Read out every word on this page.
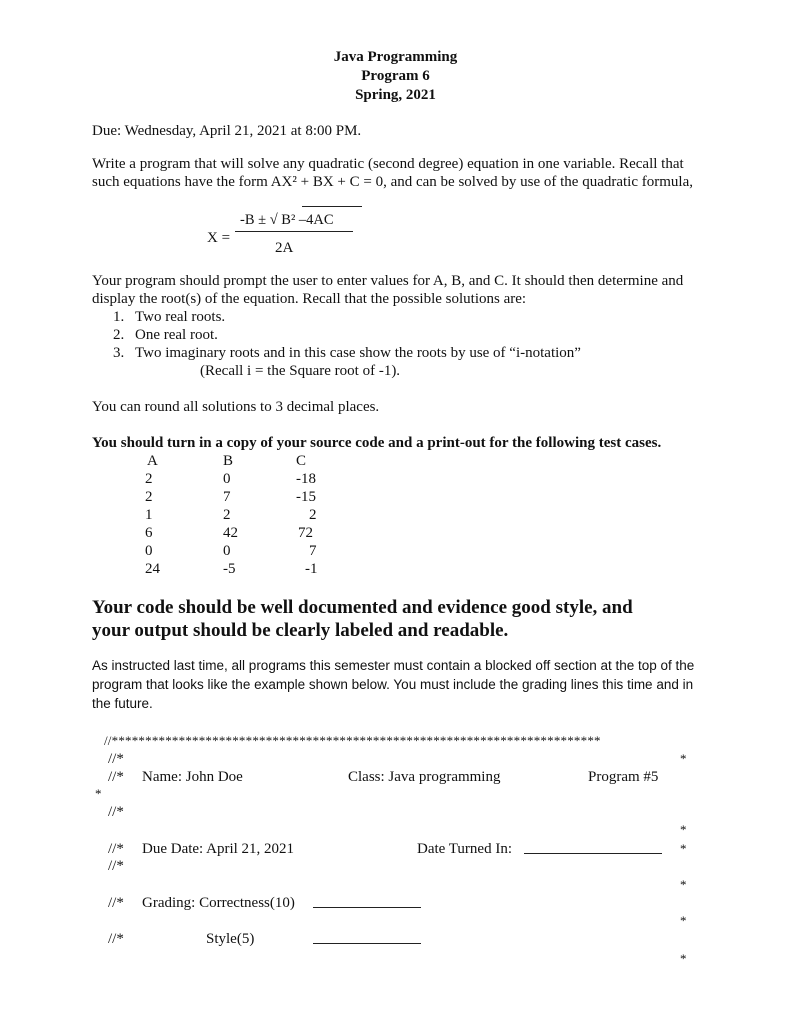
Java Programming
Program 6
Spring, 2021
Due: Wednesday, April 21, 2021 at 8:00 PM.

Write a program that will solve any quadratic (second degree) equation in one variable. Recall that such equations have the form AX² + BX + C = 0, and can be solved by use of the quadratic formula,

X =
-B ± √ B² –4AC
2A

Your program should prompt the user to enter values for A, B, and C. It should then determine and display the root(s) of the equation. Recall that the possible solutions are:

1. Two real roots.
2. One real root.
3. Two imaginary roots and in this case show the roots by use of “i-notation”
(Recall i = the Square root of -1).
You can round all solutions to 3 decimal places.
You should turn in a copy of your source code and a print-out for the following test cases.
A	B	C
2	0	-18
2	7	-15
1	2	2
6	42	72
0	0	7
24	-5	-1

Your code should be well documented and evidence good style, and your output should be clearly labeled and readable.

As instructed last time, all programs this semester must contain a blocked off section at the top of the program that looks like the example shown below. You must include the grading lines this time and in the future.

//*************************************************************************
//*	*
//* Name: John Doe	Class: Java programming	Program #5
*
//*
*
//* Due Date: April 21, 2021	Date Turned In:	*
//*
*
//* Grading: Correctness(10)
*
//*	Style(5)
*
